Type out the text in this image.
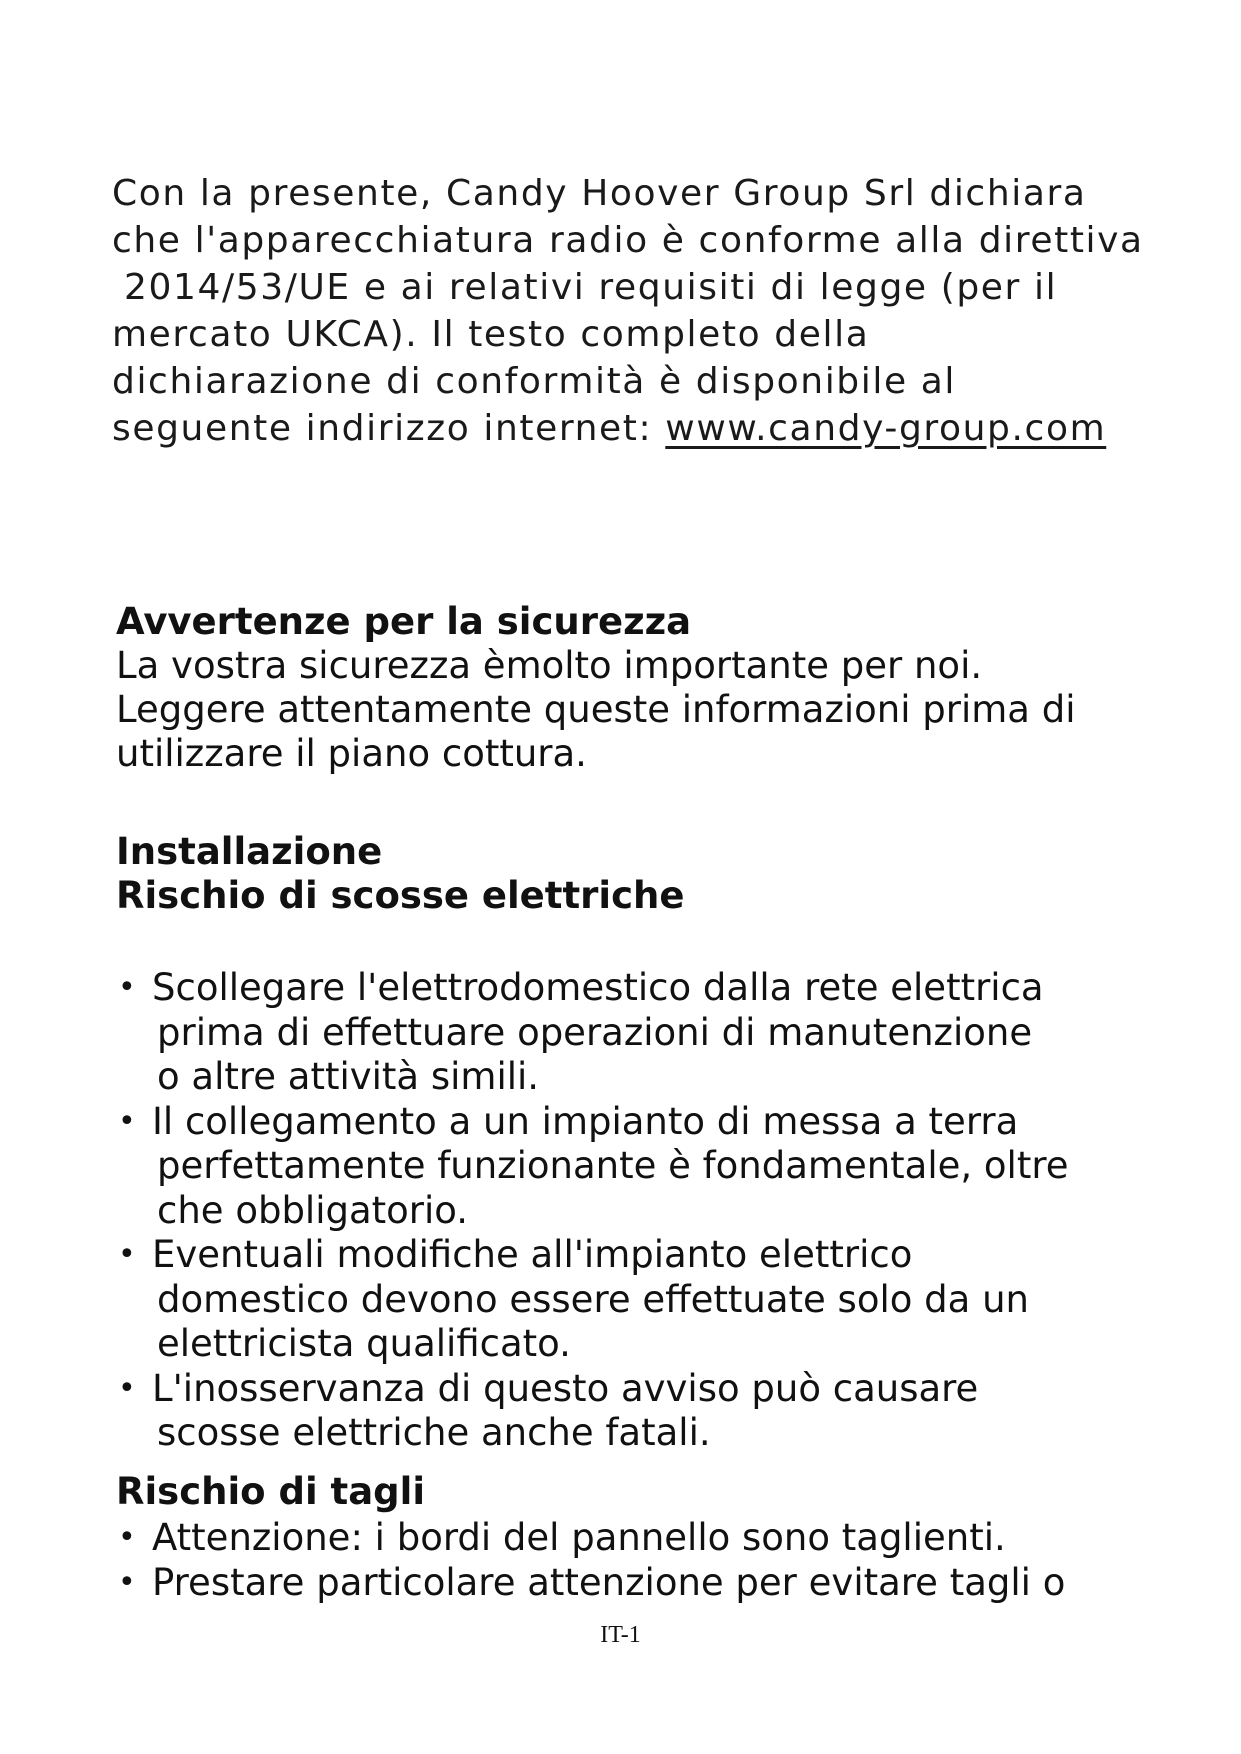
Con la presente, Candy Hoover Group Srl dichiara
che l'apparecchiatura radio è conforme alla direttiva
2014/53/UE e ai relativi requisiti di legge (per il
mercato UKCA). Il testo completo della
dichiarazione di conformità è disponibile al
seguente indirizzo internet: www.candy-group.com
Avvertenze per la sicurezza
La vostra sicurezza èmolto importante per noi.
Leggere attentamente queste informazioni prima di
utilizzare il piano cottura.
Installazione
Rischio di scosse elettriche
• Scollegare l'elettrodomestico dalla rete elettrica
prima di effettuare operazioni di manutenzione
o altre attività simili.
• Il collegamento a un impianto di messa a terra
perfettamente funzionante è fondamentale, oltre
che obbligatorio.
• Eventuali modifiche all'impianto elettrico
domestico devono essere effettuate solo da un
elettricista qualificato.
• L'inosservanza di questo avviso può causare
scosse elettriche anche fatali.
Rischio di tagli
• Attenzione: i bordi del pannello sono taglienti.
• Prestare particolare attenzione per evitare tagli o
IT-1
